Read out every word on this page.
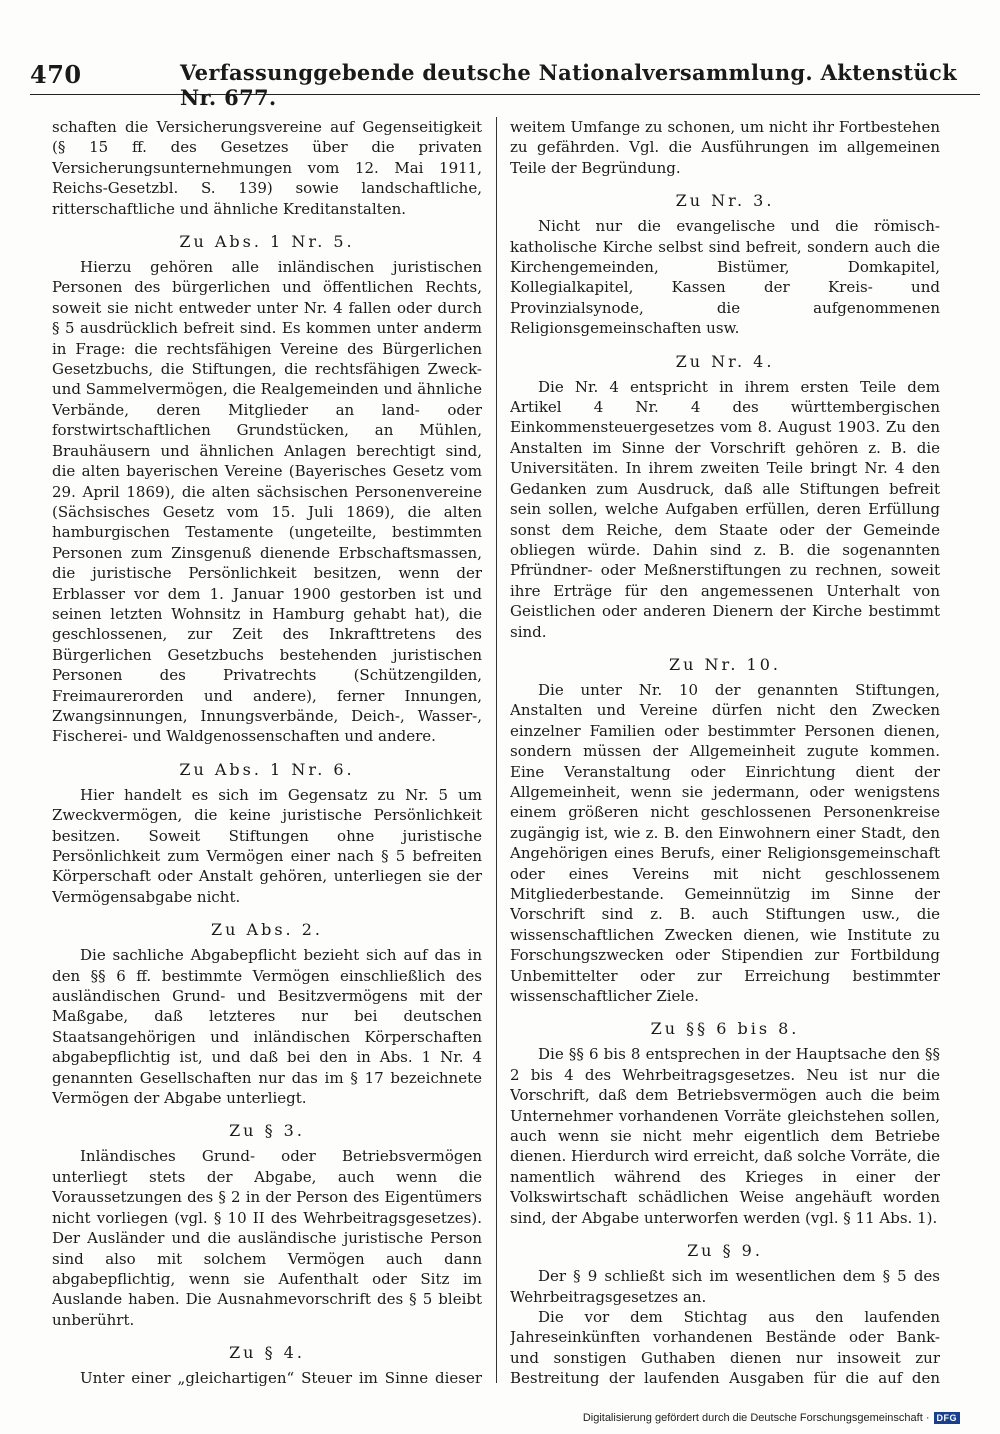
470	Verfassunggebende deutsche Nationalversammlung. Aktenstück Nr. 677.

schaften die Versicherungsvereine auf Gegenseitigkeit (§ 15 ff. des Gesetzes über die privaten Versicherungsunternehmungen vom 12. Mai 1911, Reichs-Gesetzbl. S. 139) sowie landschaftliche, ritterschaftliche und ähnliche Kreditanstalten.

Zu Abs. 1 Nr. 5.

Hierzu gehören alle inländischen juristischen Personen des bürgerlichen und öffentlichen Rechts, soweit sie nicht entweder unter Nr. 4 fallen oder durch § 5 ausdrücklich befreit sind. Es kommen unter anderm in Frage: die rechtsfähigen Vereine des Bürgerlichen Gesetzbuchs, die Stiftungen, die rechtsfähigen Zweck- und Sammelvermögen, die Realgemeinden und ähnliche Verbände, deren Mitglieder an land- oder forstwirtschaftlichen Grundstücken, an Mühlen, Brauhäusern und ähnlichen Anlagen berechtigt sind, die alten bayerischen Vereine (Bayerisches Gesetz vom 29. April 1869), die alten sächsischen Personenvereine (Sächsisches Gesetz vom 15. Juli 1869), die alten hamburgischen Testamente (ungeteilte, bestimmten Personen zum Zinsgenuß dienende Erbschaftsmassen, die juristische Persönlichkeit besitzen, wenn der Erblasser vor dem 1. Januar 1900 gestorben ist und seinen letzten Wohnsitz in Hamburg gehabt hat), die geschlossenen, zur Zeit des Inkrafttretens des Bürgerlichen Gesetzbuchs bestehenden juristischen Personen des Privatrechts (Schützengilden, Freimaurerorden und andere), ferner Innungen, Zwangsinnungen, Innungsverbände, Deich-, Wasser-, Fischerei- und Waldgenossenschaften und andere.

Zu Abs. 1 Nr. 6.

Hier handelt es sich im Gegensatz zu Nr. 5 um Zweckvermögen, die keine juristische Persönlichkeit besitzen. Soweit Stiftungen ohne juristische Persönlichkeit zum Vermögen einer nach § 5 befreiten Körperschaft oder Anstalt gehören, unterliegen sie der Vermögensabgabe nicht.

Zu Abs. 2.

Die sachliche Abgabepflicht bezieht sich auf das in den §§ 6 ff. bestimmte Vermögen einschließlich des ausländischen Grund- und Besitzvermögens mit der Maßgabe, daß letzteres nur bei deutschen Staatsangehörigen und inländischen Körperschaften abgabepflichtig ist, und daß bei den in Abs. 1 Nr. 4 genannten Gesellschaften nur das im § 17 bezeichnete Vermögen der Abgabe unterliegt.

Zu § 3.

Inländisches Grund- oder Betriebsvermögen unterliegt stets der Abgabe, auch wenn die Voraussetzungen des § 2 in der Person des Eigentümers nicht vorliegen (vgl. § 10 II des Wehrbeitragsgesetzes). Der Ausländer und die ausländische juristische Person sind also mit solchem Vermögen auch dann abgabepflichtig, wenn sie Aufenthalt oder Sitz im Auslande haben. Die Ausnahmevorschrift des § 5 bleibt unberührt.

Zu § 4.

Unter einer „gleichartigen“ Steuer im Sinne dieser

weitem Umfange zu schonen, um nicht ihr Fortbestehen zu gefährden. Vgl. die Ausführungen im allgemeinen Teile der Begründung.

Zu Nr. 3.

Nicht nur die evangelische und die römisch-katholische Kirche selbst sind befreit, sondern auch die Kirchengemeinden, Bistümer, Domkapitel, Kollegialkapitel, Kassen der Kreis- und Provinzialsynode, die aufgenommenen Religionsgemeinschaften usw.

Zu Nr. 4.

Die Nr. 4 entspricht in ihrem ersten Teile dem Artikel 4 Nr. 4 des württembergischen Einkommensteuergesetzes vom 8. August 1903. Zu den Anstalten im Sinne der Vorschrift gehören z. B. die Universitäten. In ihrem zweiten Teile bringt Nr. 4 den Gedanken zum Ausdruck, daß alle Stiftungen befreit sein sollen, welche Aufgaben erfüllen, deren Erfüllung sonst dem Reiche, dem Staate oder der Gemeinde obliegen würde. Dahin sind z. B. die sogenannten Pfründner- oder Meßnerstiftungen zu rechnen, soweit ihre Erträge für den angemessenen Unterhalt von Geistlichen oder anderen Dienern der Kirche bestimmt sind.

Zu Nr. 10.

Die unter Nr. 10 der genannten Stiftungen, Anstalten und Vereine dürfen nicht den Zwecken einzelner Familien oder bestimmter Personen dienen, sondern müssen der Allgemeinheit zugute kommen. Eine Veranstaltung oder Einrichtung dient der Allgemeinheit, wenn sie jedermann, oder wenigstens einem größeren nicht geschlossenen Personenkreise zugängig ist, wie z. B. den Einwohnern einer Stadt, den Angehörigen eines Berufs, einer Religionsgemeinschaft oder eines Vereins mit nicht geschlossenem Mitgliederbestande. Gemeinnützig im Sinne der Vorschrift sind z. B. auch Stiftungen usw., die wissenschaftlichen Zwecken dienen, wie Institute zu Forschungszwecken oder Stipendien zur Fortbildung Unbemittelter oder zur Erreichung bestimmter wissenschaftlicher Ziele.

Zu §§ 6 bis 8.

Die §§ 6 bis 8 entsprechen in der Hauptsache den §§ 2 bis 4 des Wehrbeitragsgesetzes. Neu ist nur die Vorschrift, daß dem Betriebsvermögen auch die beim Unternehmer vorhandenen Vorräte gleichstehen sollen, auch wenn sie nicht mehr eigentlich dem Betriebe dienen. Hierdurch wird erreicht, daß solche Vorräte, die namentlich während des Krieges in einer der Volkswirtschaft schädlichen Weise angehäuft worden sind, der Abgabe unterworfen werden (vgl. § 11 Abs. 1).

Zu § 9.

Der § 9 schließt sich im wesentlichen dem § 5 des Wehrbeitragsgesetzes an.

Die vor dem Stichtag aus den laufenden Jahreseinkünften vorhandenen Bestände oder Bank- und sonstigen Guthaben dienen nur insoweit zur Bestreitung der laufenden Ausgaben für die auf den

Digitalisierung gefördert durch die Deutsche Forschungsgemeinschaft · DFG
